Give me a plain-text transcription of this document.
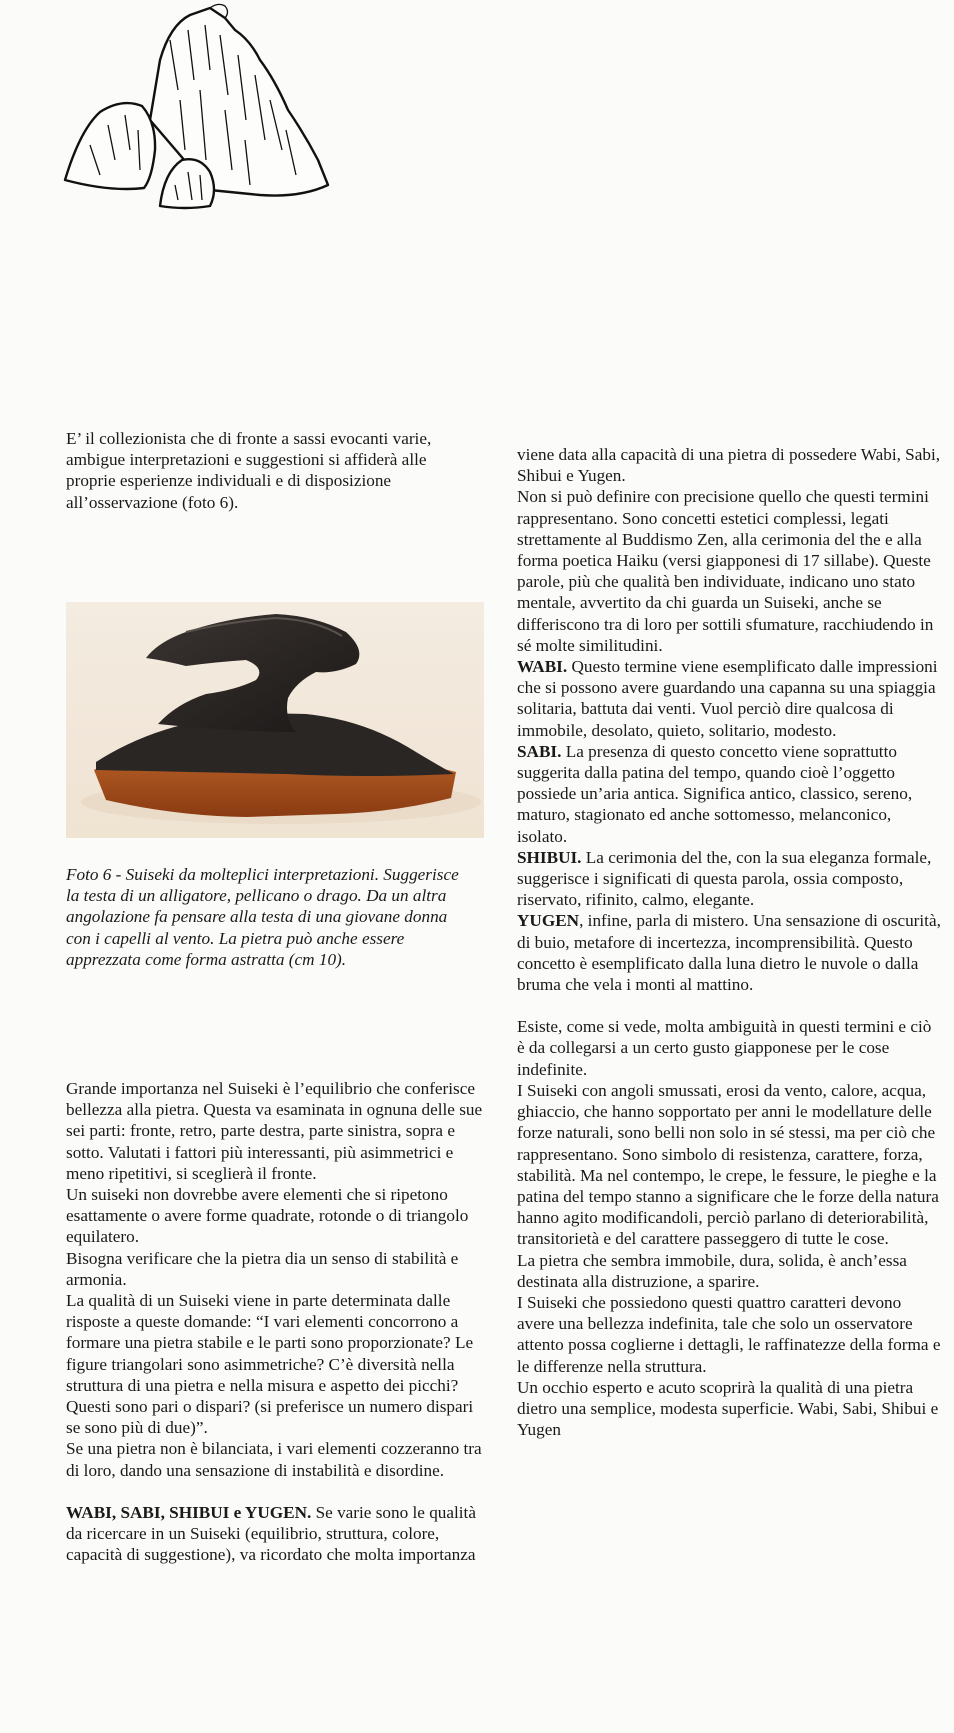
E’ il collezionista che di fronte a sassi evocanti varie, ambigue interpretazioni e suggestioni si affiderà alle proprie esperienze individuali e di disposizione all’osservazione (foto 6).

Foto 6 - Suiseki da molteplici interpretazioni. Suggerisce la testa di un alligatore, pellicano o drago. Da un altra angolazione fa pensare alla testa di una giovane donna con i capelli al vento. La pietra può anche essere apprezzata come forma astratta (cm 10).

Grande importanza nel Suiseki è l’equilibrio che conferisce bellezza alla pietra. Questa va esaminata in ognuna delle sue sei parti: fronte, retro, parte destra, parte sinistra, sopra e sotto. Valutati i fattori più interessanti, più asimmetrici e meno ripetitivi, si sceglierà il fronte.

Un suiseki non dovrebbe avere elementi che si ripetono esattamente o avere forme quadrate, rotonde o di triangolo equilatero.

Bisogna verificare che la pietra dia un senso di stabilità e armonia.

La qualità di un Suiseki viene in parte determinata dalle risposte a queste domande: “I vari elementi concorrono a formare una pietra stabile e le parti sono proporzionate? Le figure triangolari sono asimmetriche? C’è diversità nella struttura di una pietra e nella misura e aspetto dei picchi? Questi sono pari o dispari? (si preferisce un numero dispari se sono più di due)”.

Se una pietra non è bilanciata, i vari elementi cozzeranno tra di loro, dando una sensazione di instabilità e disordine.

WABI, SABI, SHIBUI e YUGEN. Se varie sono le qualità da ricercare in un Suiseki (equilibrio, struttura, colore, capacità di suggestione), va ricordato che molta importanza

viene data alla capacità di una pietra di possedere Wabi, Sabi, Shibui e Yugen.

Non si può definire con precisione quello che questi termini rappresentano. Sono concetti estetici complessi, legati strettamente al Buddismo Zen, alla cerimonia del the e alla forma poetica Haiku (versi giapponesi di 17 sillabe). Queste parole, più che qualità ben individuate, indicano uno stato mentale, avvertito da chi guarda un Suiseki, anche se differiscono tra di loro per sottili sfumature, racchiudendo in sé molte similitudini.

WABI. Questo termine viene esemplificato dalle impressioni che si possono avere guardando una capanna su una spiaggia solitaria, battuta dai venti. Vuol perciò dire qualcosa di immobile, desolato, quieto, solitario, modesto.

SABI. La presenza di questo concetto viene soprattutto suggerita dalla patina del tempo, quando cioè l’oggetto possiede un’aria antica. Significa antico, classico, sereno, maturo, stagionato ed anche sottomesso, melanconico, isolato.

SHIBUI. La cerimonia del the, con la sua eleganza formale, suggerisce i significati di questa parola, ossia composto, riservato, rifinito, calmo, elegante.

YUGEN, infine, parla di mistero. Una sensazione di oscurità, di buio, metafore di incertezza, incomprensibilità. Questo concetto è esemplificato dalla luna dietro le nuvole o dalla bruma che vela i monti al mattino.

Esiste, come si vede, molta ambiguità in questi termini e ciò è da collegarsi a un certo gusto giapponese per le cose indefinite.

I Suiseki con angoli smussati, erosi da vento, calore, acqua, ghiaccio, che hanno sopportato per anni le modellature delle forze naturali, sono belli non solo in sé stessi, ma per ciò che rappresentano. Sono simbolo di resistenza, carattere, forza, stabilità. Ma nel contempo, le crepe, le fessure, le pieghe e la patina del tempo stanno a significare che le forze della natura hanno agito modificandoli, perciò parlano di deteriorabilità, transitorietà e del carattere passeggero di tutte le cose.

La pietra che sembra immobile, dura, solida, è anch’essa destinata alla distruzione, a sparire.

I Suiseki che possiedono questi quattro caratteri devono avere una bellezza indefinita, tale che solo un osservatore attento possa coglierne i dettagli, le raffinatezze della forma e le differenze nella struttura.

Un occhio esperto e acuto scoprirà la qualità di una pietra dietro una semplice, modesta superficie. Wabi, Sabi, Shibui e Yugen
